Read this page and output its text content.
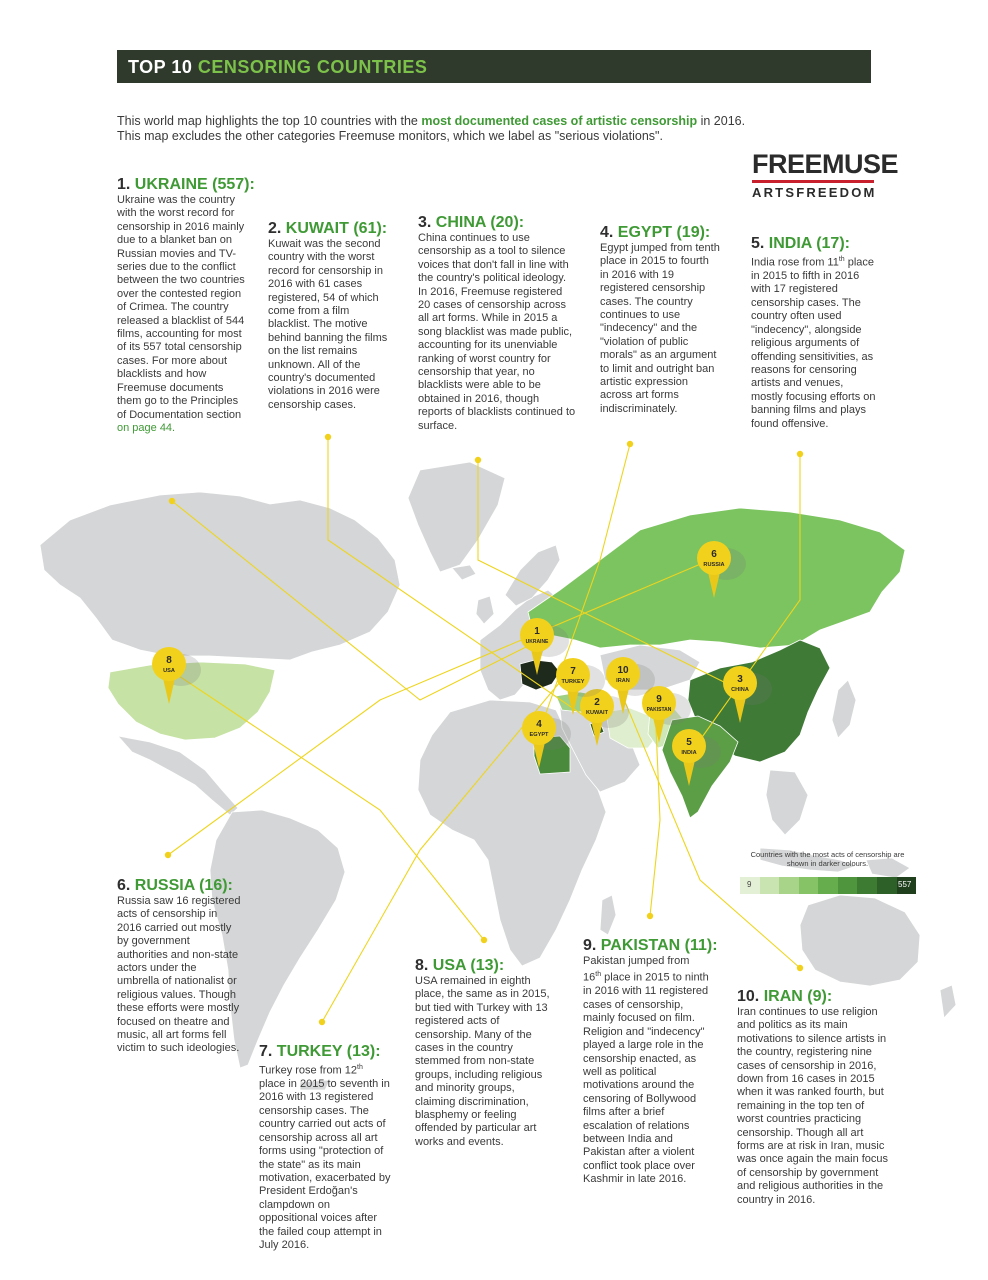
1
UKRAINE
2
KUWAIT
3
CHINA
4
EGYPT
5
INDIA
6
RUSSIA
7
TURKEY
8
USA
9
PAKISTAN
10
IRAN
TOP 10 CENSORING COUNTRIES
This world map highlights the top 10 countries with the most documented cases of artistic censorship in 2016.
This map excludes the other categories Freemuse monitors, which we label as "serious violations".
FREEMUSE
ARTSFREEDOM
1. UKRAINE (557):
Ukraine was the country with the worst record for censorship in 2016 mainly due to a blanket ban on Russian movies and TV-series due to the conflict between the two countries over the contested region of Crimea. The country released a blacklist of 544 films, accounting for most of its 557 total censorship cases. For more about blacklists and how Freemuse documents them go to the Principles of Documentation section on page 44.
2. KUWAIT (61):
Kuwait was the second country with the worst record for censorship in 2016 with 61 cases registered, 54 of which come from a film blacklist. The motive behind banning the films on the list remains unknown. All of the country's documented violations in 2016 were censorship cases.
3. CHINA (20):
China continues to use censorship as a tool to silence voices that don't fall in line with the country's political ideology. In 2016, Freemuse registered 20 cases of censorship across all art forms. While in 2015 a song blacklist was made public, accounting for its unenviable ranking of worst country for censorship that year, no blacklists were able to be obtained in 2016, though reports of blacklists continued to surface.
4. EGYPT (19):
Egypt jumped from tenth place in 2015 to fourth in 2016 with 19 registered censorship cases. The country continues to use "indecency" and the "violation of public morals" as an argument to limit and outright ban artistic expression across art forms indiscriminately.
5. INDIA (17):
India rose from 11th place in 2015 to fifth in 2016 with 17 registered censorship cases. The country often used "indecency", alongside religious arguments of offending sensitivities, as reasons for censoring artists and venues, mostly focusing efforts on banning films and plays found offensive.
6. RUSSIA (16):
Russia saw 16 registered acts of censorship in 2016 carried out mostly by government authorities and non-state actors under the umbrella of nationalist or religious values. Though these efforts were mostly focused on theatre and music, all art forms fell victim to such ideologies. 7. TURKEY (13):
Turkey rose from 12th place in 2015 to seventh in 2016 with 13 registered censorship cases. The country carried out acts of censorship across all art forms using "protection of the state" as its main motivation, exacerbated by President Erdoğan's clampdown on oppositional voices after the failed coup attempt in July 2016.
8. USA (13):
USA remained in eighth place, the same as in 2015, but tied with Turkey with 13 registered acts of censorship. Many of the cases in the country stemmed from non-state groups, including religious and minority groups, claiming discrimination, blasphemy or feeling offended by particular art works and events.
9. PAKISTAN (11):
Pakistan jumped from 16th place in 2015 to ninth in 2016 with 11 registered cases of censorship, mainly focused on film. Religion and "indecency" played a large role in the censorship enacted, as well as political motivations around the censoring of Bollywood films after a brief escalation of relations between India and Pakistan after a violent conflict took place over Kashmir in late 2016.
10. IRAN (9):
Iran continues to use religion and politics as its main motivations to silence artists in the country, registering nine cases of censorship in 2016, down from 16 cases in 2015 when it was ranked fourth, but remaining in the top ten of worst countries practicing censorship. Though all art forms are at risk in Iran, music was once again the main focus of censorship by government and religious authorities in the country in 2016.
Countries with the most acts of censorship are shown in darker colours.
9	557
